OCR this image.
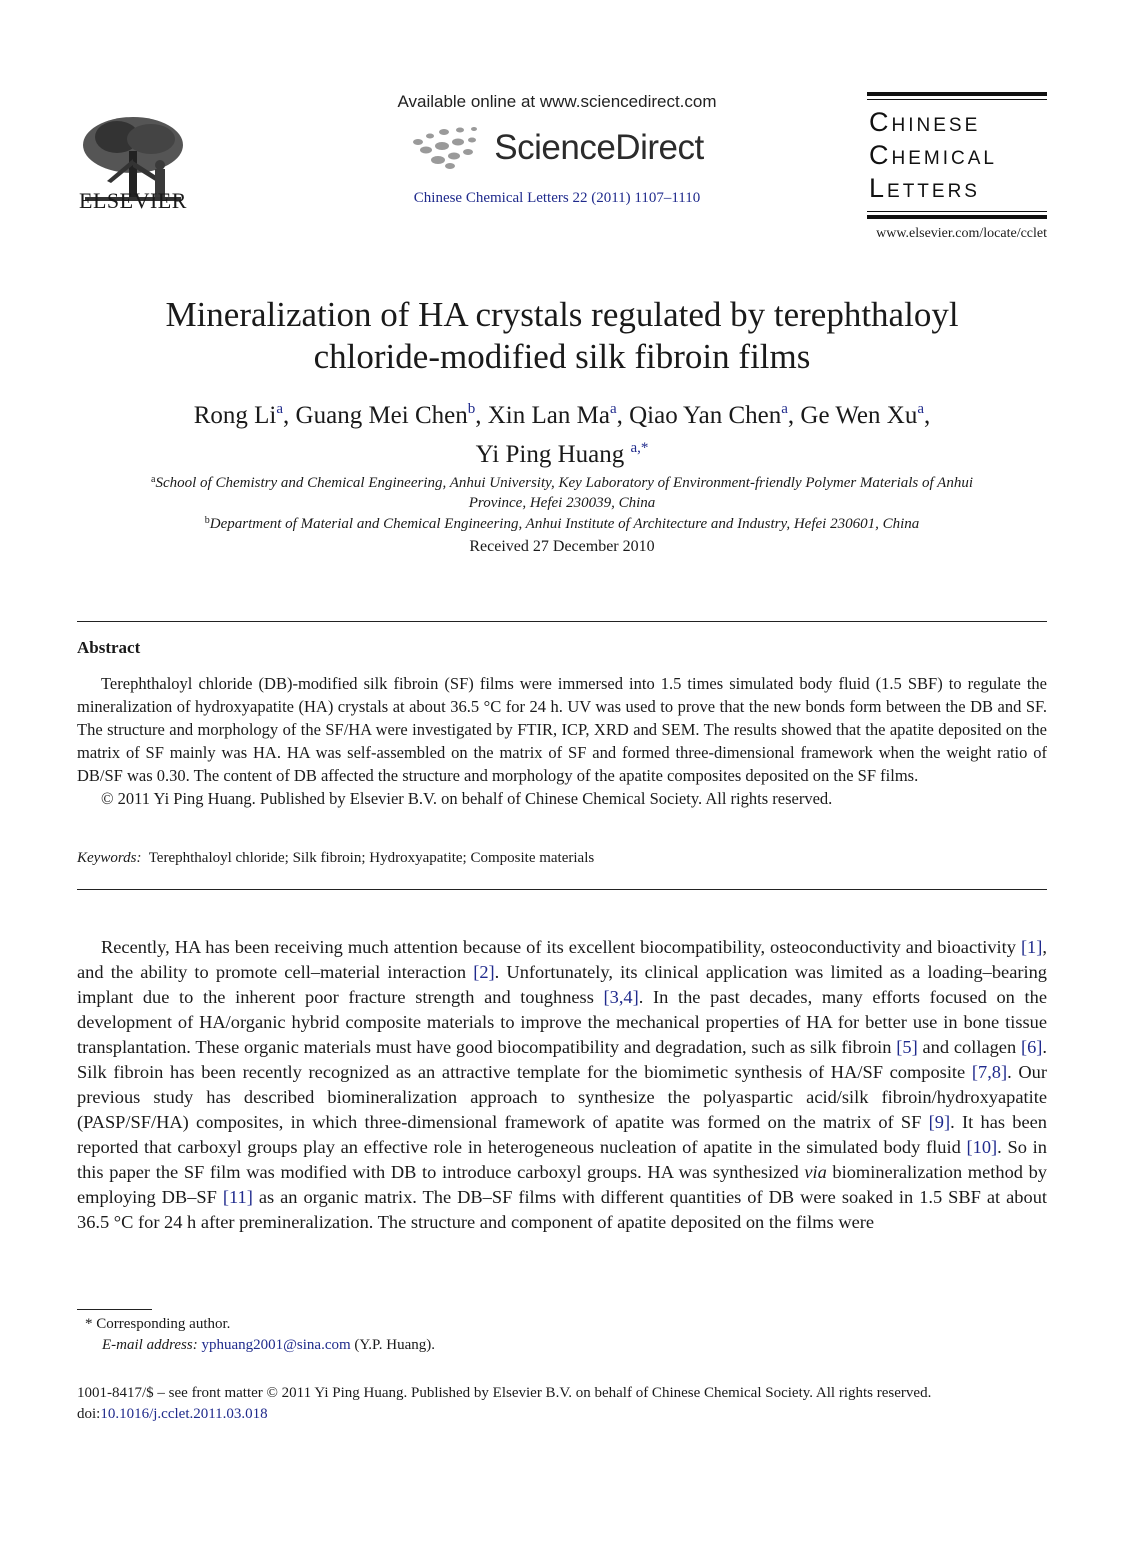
ELSEVIER
Available online at www.sciencedirect.com
ScienceDirect
Chinese Chemical Letters 22 (2011) 1107–1110
Chinese
Chemical
Letters
www.elsevier.com/locate/cclet
Mineralization of HA crystals regulated by terephthaloyl
chloride-modified silk fibroin films
Rong Li$^a$, Guang Mei Chen$^b$, Xin Lan Ma$^a$, Qiao Yan Chen$^a$, Ge Wen Xu$^a$,
Yi Ping Huang $^{a,*}$
$^a$School of Chemistry and Chemical Engineering, Anhui University, Key Laboratory of Environment-friendly Polymer Materials of Anhui
Province, Hefei 230039, China
$^b$Department of Material and Chemical Engineering, Anhui Institute of Architecture and Industry, Hefei 230601, China
Received 27 December 2010
Abstract

Terephthaloyl chloride (DB)-modified silk fibroin (SF) films were immersed into 1.5 times simulated body fluid (1.5 SBF) to regulate the mineralization of hydroxyapatite (HA) crystals at about 36.5 °C for 24 h. UV was used to prove that the new bonds form between the DB and SF. The structure and morphology of the SF/HA were investigated by FTIR, ICP, XRD and SEM. The results showed that the apatite deposited on the matrix of SF mainly was HA. HA was self-assembled on the matrix of SF and formed three-dimensional framework when the weight ratio of DB/SF was 0.30. The content of DB affected the structure and morphology of the apatite composites deposited on the SF films.

© 2011 Yi Ping Huang. Published by Elsevier B.V. on behalf of Chinese Chemical Society. All rights reserved.

Keywords: Terephthaloyl chloride; Silk fibroin; Hydroxyapatite; Composite materials

Recently, HA has been receiving much attention because of its excellent biocompatibility, osteoconductivity and bioactivity [1], and the ability to promote cell–material interaction [2]. Unfortunately, its clinical application was limited as a loading–bearing implant due to the inherent poor fracture strength and toughness [3,4]. In the past decades, many efforts focused on the development of HA/organic hybrid composite materials to improve the mechanical properties of HA for better use in bone tissue transplantation. These organic materials must have good biocompatibility and degradation, such as silk fibroin [5] and collagen [6]. Silk fibroin has been recently recognized as an attractive template for the biomimetic synthesis of HA/SF composite [7,8]. Our previous study has described biomineralization approach to synthesize the polyaspartic acid/silk fibroin/hydroxyapatite (PASP/SF/HA) composites, in which three-dimensional framework of apatite was formed on the matrix of SF [9]. It has been reported that carboxyl groups play an effective role in heterogeneous nucleation of apatite in the simulated body fluid [10]. So in this paper the SF film was modified with DB to introduce carboxyl groups. HA was synthesized via biomineralization method by employing DB–SF [11] as an organic matrix. The DB–SF films with different quantities of DB were soaked in 1.5 SBF at about 36.5 °C for 24 h after premineralization. The structure and component of apatite deposited on the films were

* Corresponding author.
E-mail address: yphuang2001@sina.com (Y.P. Huang).
1001-8417/$ – see front matter © 2011 Yi Ping Huang. Published by Elsevier B.V. on behalf of Chinese Chemical Society. All rights reserved.
doi:10.1016/j.cclet.2011.03.018
